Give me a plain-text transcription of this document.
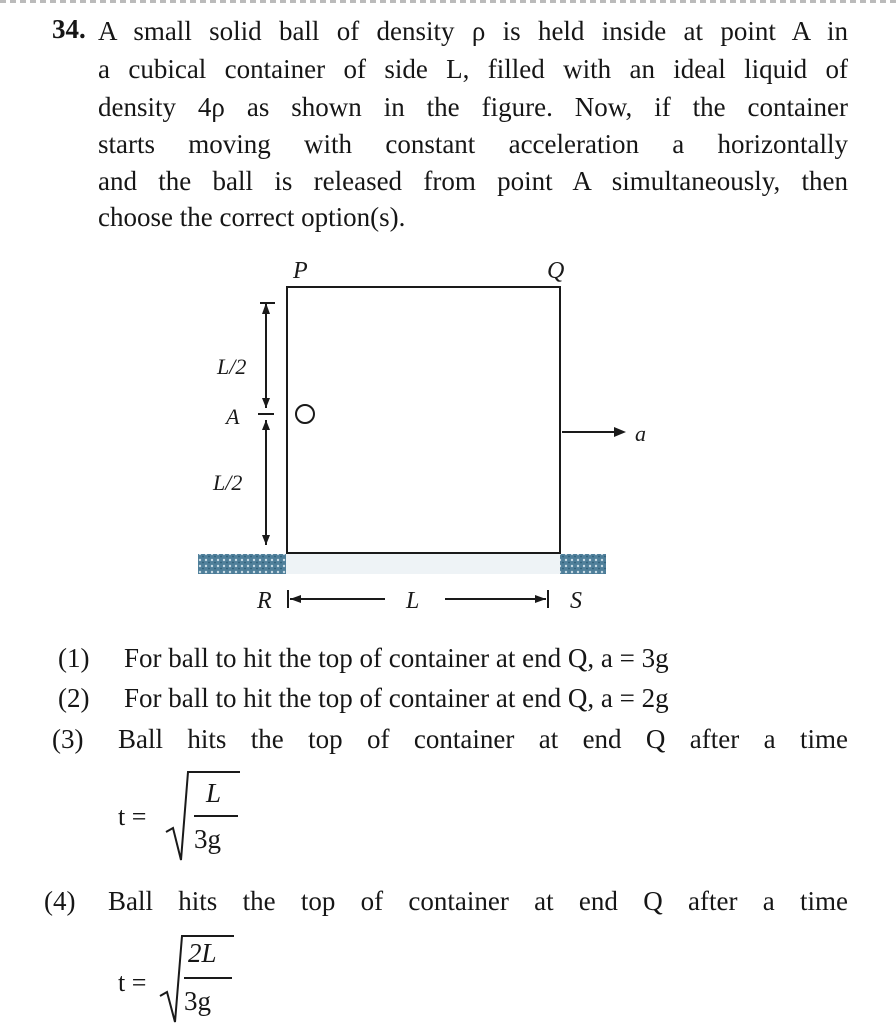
34. A small solid ball of density ρ is held inside at point A in
a cubical container of side L, filled with an ideal liquid of
density 4ρ as shown in the figure. Now, if the container
starts moving with constant acceleration a horizontally
and the ball is released from point A simultaneously, then
choose the correct option(s).
P	Q
L/2
A
L/2
a
R	L	S
(1) For ball to hit the top of container at end Q, a = 3g
(2) For ball to hit the top of container at end Q, a = 2g
(3) Ball hits the top of container at end Q after a time
t =
L
3g
(4) Ball hits the top of container at end Q after a time
t =
2L
3g
